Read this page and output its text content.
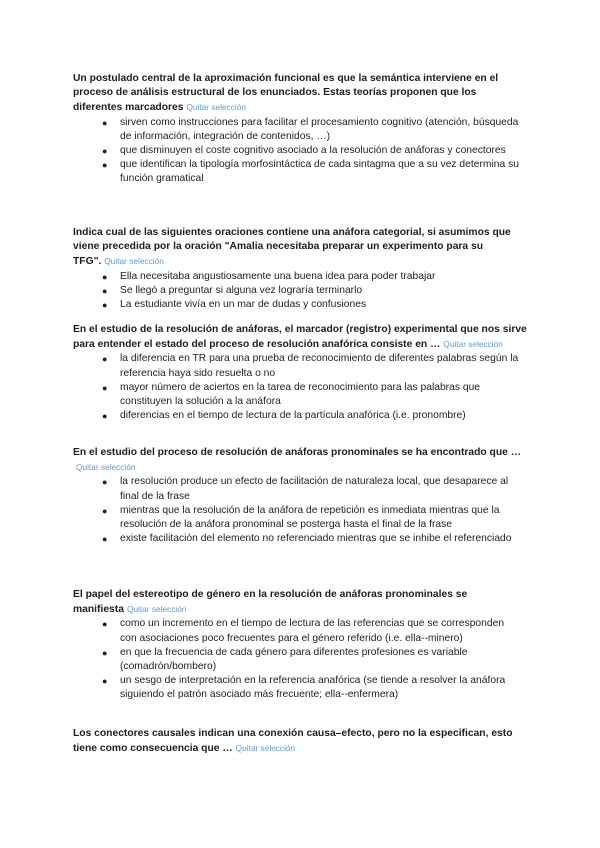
Un postulado central de la aproximación funcional es que la semántica interviene en el proceso de análisis estructural de los enunciados. Estas teorías proponen que los diferentes marcadores Quitar selección

● sirven como instrucciones para facilitar el procesamiento cognitivo (atención, búsqueda de información, integración de contenidos, …)
● que disminuyen el coste cognitivo asociado a la resolución de anáforas y conectores
● que identifican la tipología morfosintáctica de cada sintagma que a su vez determina su función gramatical

Indica cual de las siguientes oraciones contiene una anáfora categorial, si asumimos que viene precedida por la oración "Amalia necesitaba preparar un experimento para su TFG". Quitar selección

● Ella necesitaba angustiosamente una buena idea para poder trabajar
● Se llegó a preguntar si alguna vez lograría terminarlo
● La estudiante vivía en un mar de dudas y confusiones

En el estudio de la resolución de anáforas, el marcador (registro) experimental que nos sirve para entender el estado del proceso de resolución anafórica consiste en … Quitar selección

● la diferencia en TR para una prueba de reconocimiento de diferentes palabras según la referencia haya sido resuelta o no
● mayor número de aciertos en la tarea de reconocimiento para las palabras que constituyen la solución a la anáfora
● diferencias en el tiempo de lectura de la partícula anafórica (i.e. pronombre)

En el estudio del proceso de resolución de anáforas pronominales se ha encontrado que …Quitar selección

● la resolución produce un efecto de facilitación de naturaleza local, que desaparece al final de la frase
● mientras que la resolución de la anáfora de repetición es inmediata mientras que la resolución de la anáfora pronominal se posterga hasta el final de la frase
● existe facilitación del elemento no referenciado mientras que se inhibe el referenciado

El papel del estereotipo de género en la resolución de anáforas pronominales se manifiesta Quitar selección

● como un incremento en el tiempo de lectura de las referencias que se corresponden con asociaciones poco frecuentes para el género referido (i.e. ella--minero)
● en que la frecuencia de cada género para diferentes profesiones es variable (comadrón/bombero)
● un sesgo de interpretación en la referencia anafórica (se tiende a resolver la anáfora siguiendo el patrón asociado más frecuente; ella--enfermera)

Los conectores causales indican una conexión causa–efecto, pero no la especifican, esto tiene como consecuencia que … Quitar selección
